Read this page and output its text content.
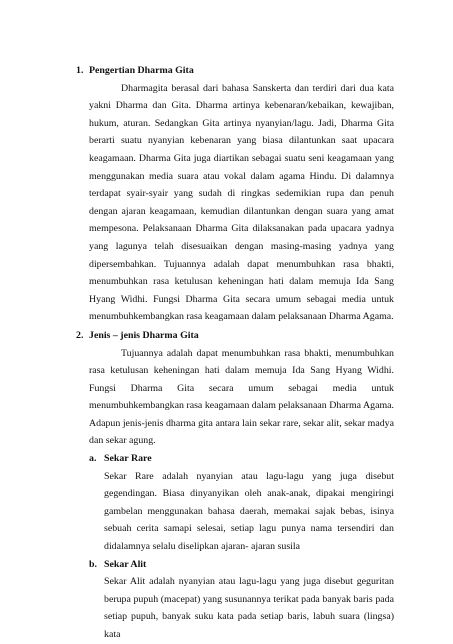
1. Pengertian Dharma Gita

Dharmagita berasal dari bahasa Sanskerta dan terdiri dari dua kata yakni Dharma dan Gita. Dharma artinya kebenaran/kebaikan, kewajiban, hukum, aturan. Sedangkan Gita artinya nyanyian/lagu. Jadi, Dharma Gita berarti suatu nyanyian kebenaran yang biasa dilantunkan saat upacara keagamaan. Dharma Gita juga diartikan sebagai suatu seni keagamaan yang menggunakan media suara atau vokal dalam agama Hindu. Di dalamnya terdapat syair-syair yang sudah di ringkas sedemikian rupa dan penuh dengan ajaran keagamaan, kemudian dilantunkan dengan suara yang amat mempesona. Pelaksanaan Dharma Gita dilaksanakan pada upacara yadnya yang lagunya telah disesuaikan dengan masing-masing yadnya yang dipersembahkan. Tujuannya adalah dapat menumbuhkan rasa bhakti, menumbuhkan rasa ketulusan keheningan hati dalam memuja Ida Sang Hyang Widhi. Fungsi Dharma Gita secara umum sebagai media untuk menumbuhkembangkan rasa keagamaan dalam pelaksanaan Dharma Agama.

2. Jenis – jenis Dharma Gita

Tujuannya adalah dapat menumbuhkan rasa bhakti, menumbuhkan rasa ketulusan keheningan hati dalam memuja Ida Sang Hyang Widhi. Fungsi Dharma Gita secara umum sebagai media untuk menumbuhkembangkan rasa keagamaan dalam pelaksanaan Dharma Agama. Adapun jenis-jenis dharma gita antara lain sekar rare, sekar alit, sekar madya dan sekar agung.

a. Sekar Rare

Sekar Rare adalah nyanyian atau lagu-lagu yang juga disebut gegendingan. Biasa dinyanyikan oleh anak-anak, dipakai mengiringi gambelan menggunakan bahasa daerah, memakai sajak bebas, isinya sebuah cerita samapi selesai, setiap lagu punya nama tersendiri dan didalamnya selalu diselipkan ajaran- ajaran susila

b. Sekar Alit

Sekar Alit adalah nyanyian atau lagu-lagu yang juga disebut geguritan berupa pupuh (macepat) yang susunannya terikat pada banyak baris pada setiap pupuh, banyak suku kata pada setiap baris, labuh suara (lingsa) kata
